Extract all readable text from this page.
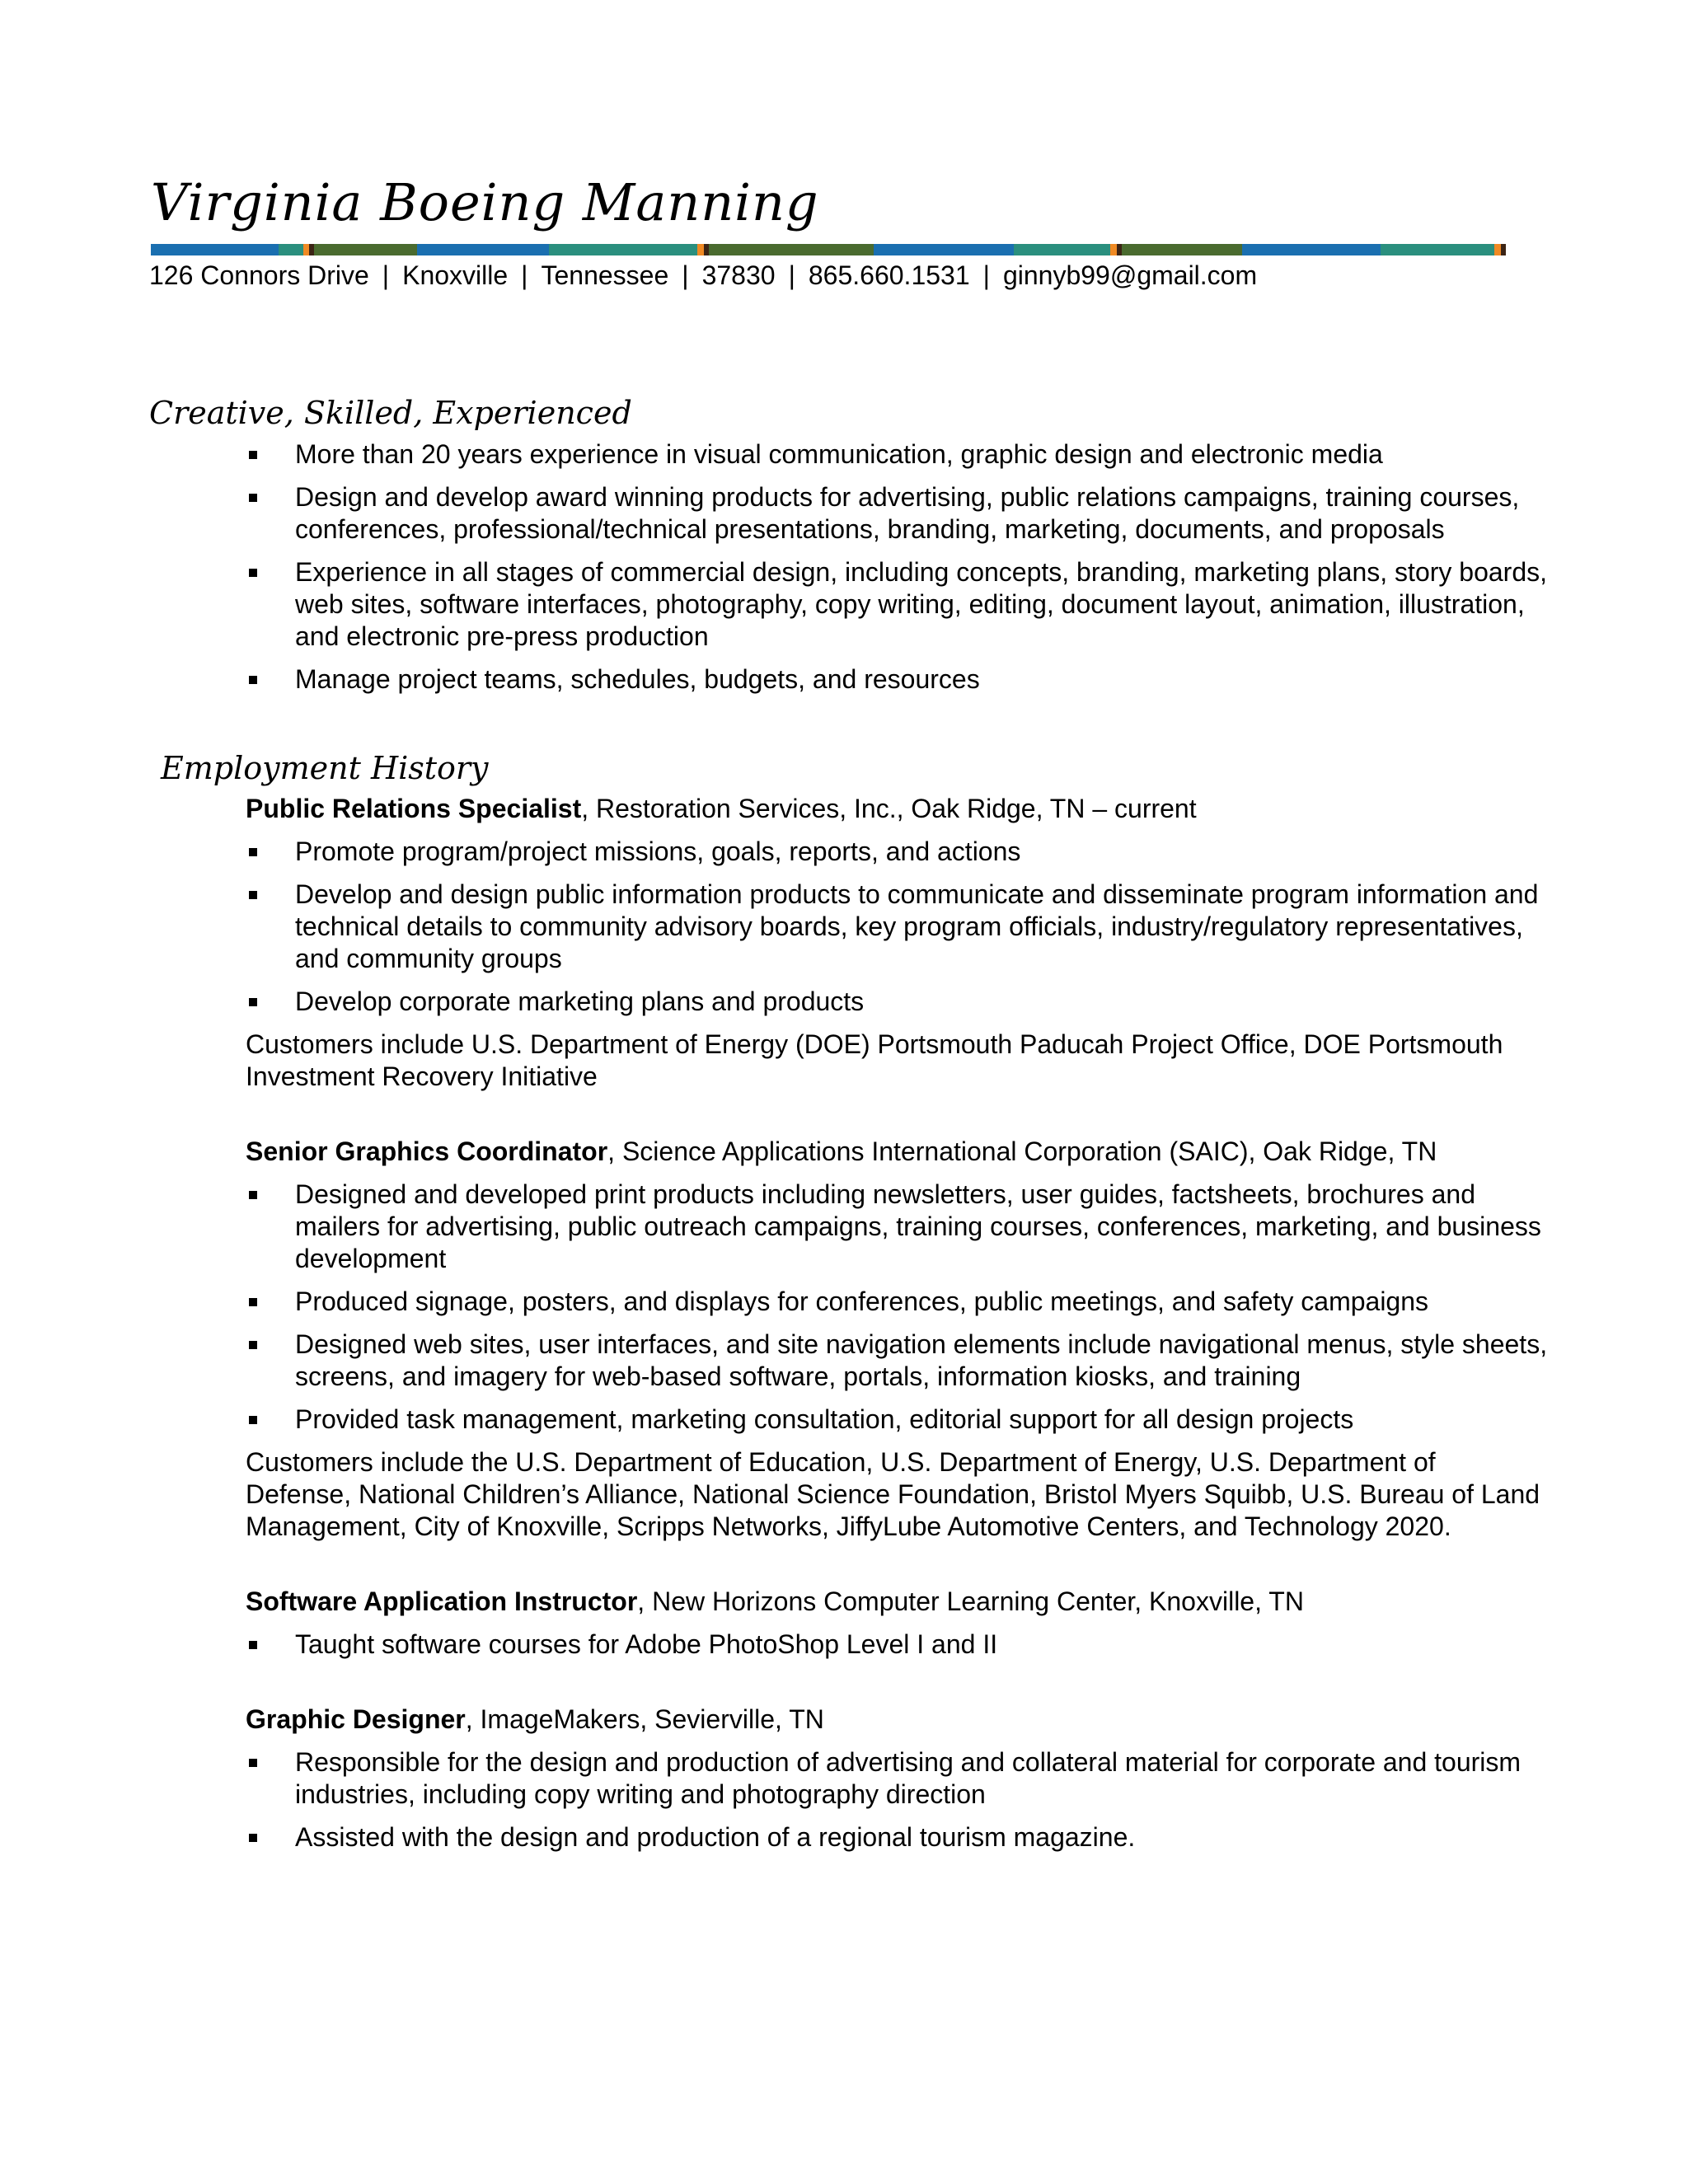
Virginia Boeing Manning
126 Connors Drive | Knoxville | Tennessee | 37830 | 865.660.1531 | ginnyb99@gmail.com
Creative, Skilled, Experienced
More than 20 years experience in visual communication, graphic design and electronic media
Design and develop award winning products for advertising, public relations campaigns, training courses, conferences, professional/technical presentations, branding, marketing, documents, and proposals
Experience in all stages of commercial design, including concepts, branding, marketing plans, story boards, web sites, software interfaces, photography, copy writing, editing, document layout, animation, illustration, and electronic pre-press production
Manage project teams, schedules, budgets, and resources
Employment History
Public Relations Specialist, Restoration Services, Inc., Oak Ridge, TN – current
Promote program/project missions, goals, reports, and actions
Develop and design public information products to communicate and disseminate program information and technical details to community advisory boards, key program officials, industry/regulatory representatives, and community groups
Develop corporate marketing plans and products
Customers include U.S. Department of Energy (DOE) Portsmouth Paducah Project Office, DOE Portsmouth Investment Recovery Initiative
Senior Graphics Coordinator, Science Applications International Corporation (SAIC), Oak Ridge, TN
Designed and developed print products including newsletters, user guides, factsheets, brochures and mailers for advertising, public outreach campaigns, training courses, conferences, marketing, and business development
Produced signage, posters, and displays for conferences, public meetings, and safety campaigns
Designed web sites, user interfaces, and site navigation elements include navigational menus, style sheets, screens, and imagery for web-based software, portals, information kiosks, and training
Provided task management, marketing consultation, editorial support for all design projects
Customers include the U.S. Department of Education, U.S. Department of Energy, U.S. Department of Defense, National Children’s Alliance, National Science Foundation, Bristol Myers Squibb, U.S. Bureau of Land Management, City of Knoxville, Scripps Networks, JiffyLube Automotive Centers, and Technology 2020.
Software Application Instructor, New Horizons Computer Learning Center, Knoxville, TN
Taught software courses for Adobe PhotoShop Level I and II
Graphic Designer, ImageMakers, Sevierville, TN
Responsible for the design and production of advertising and collateral material for corporate and tourism industries, including copy writing and photography direction
Assisted with the design and production of a regional tourism magazine.
